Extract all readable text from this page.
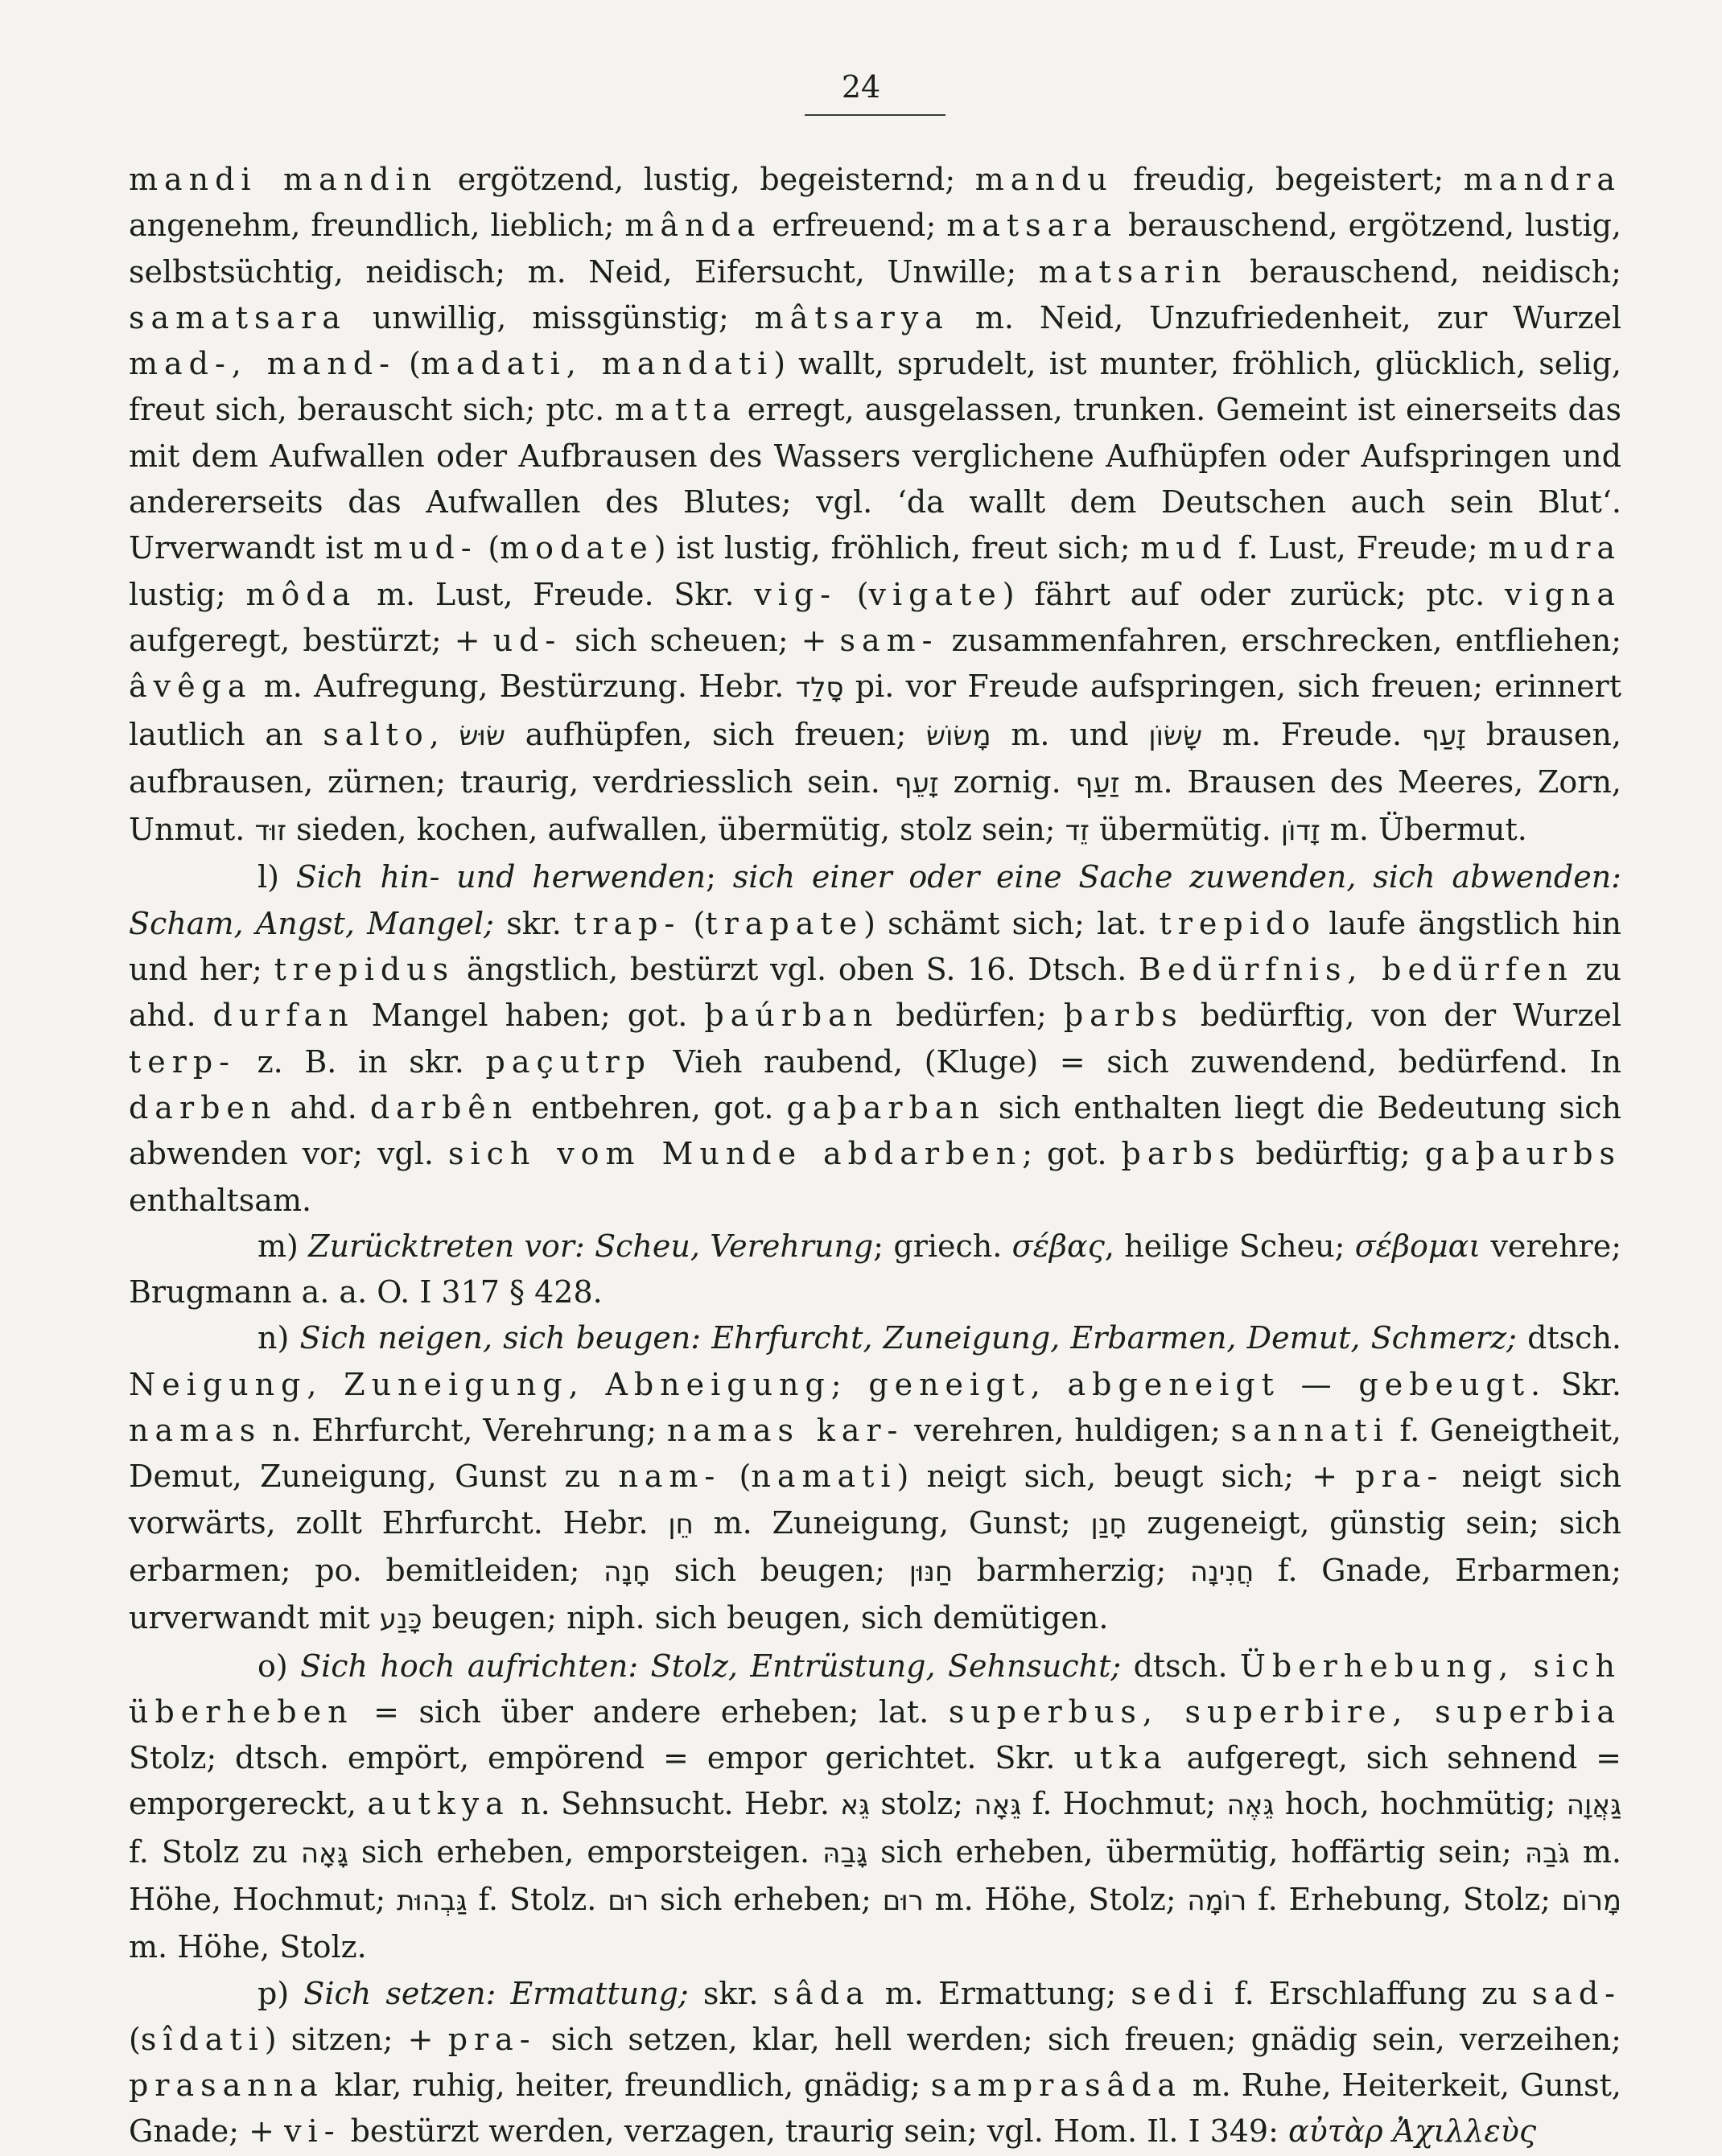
24

mandi mandin ergötzend, lustig, begeisternd; mandu freudig, begeistert; mandra angenehm, freundlich, lieblich; mânda erfreuend; matsara berauschend, ergötzend, lustig, selbstsüchtig, neidisch; m. Neid, Eifersucht, Unwille; matsarin berauschend, neidisch; samatsara unwillig, missgünstig; mâtsarya m. Neid, Unzufriedenheit, zur Wurzel mad-, mand- (madati, mandati) wallt, sprudelt, ist munter, fröhlich, glücklich, selig, freut sich, berauscht sich; ptc. matta erregt, ausgelassen, trunken. Gemeint ist einerseits das mit dem Aufwallen oder Aufbrausen des Wassers verglichene Aufhüpfen oder Aufspringen und andererseits das Aufwallen des Blutes; vgl. ‘da wallt dem Deutschen auch sein Blut‘. Urverwandt ist mud- (modate) ist lustig, fröhlich, freut sich; mud f. Lust, Freude; mudra lustig; môda m. Lust, Freude. Skr. vig- (vigate) fährt auf oder zurück; ptc. vigna aufgeregt, bestürzt; + ud- sich scheuen; + sam- zusammenfahren, erschrecken, entfliehen; âvêga m. Aufregung, Bestürzung. Hebr. סָלַד pi. vor Freude aufspringen, sich freuen; erinnert lautlich an salto, שׂוּשׂ aufhüpfen, sich freuen; מָשׂוֹשׂ m. und שָׂשׂוֹן m. Freude. זָעַף brausen, aufbrausen, zürnen; traurig, verdriesslich sein. זָעֵף zornig. זַעַף m. Brausen des Meeres, Zorn, Unmut. זוּד sieden, kochen, aufwallen, übermütig, stolz sein; זֵד übermütig. זָדוֹן m. Übermut.

l) Sich hin- und herwenden; sich einer oder eine Sache zuwenden, sich abwenden: Scham, Angst, Mangel; skr. trap- (trapate) schämt sich; lat. trepido laufe ängstlich hin und her; trepidus ängstlich, bestürzt vgl. oben S. 16. Dtsch. Bedürfnis, bedürfen zu ahd. durfan Mangel haben; got. þaúrban bedürfen; þarbs bedürftig, von der Wurzel terp- z. B. in skr. paçutrp Vieh raubend, (Kluge) = sich zuwendend, bedürfend. In darben ahd. darbên entbehren, got. gaþarban sich enthalten liegt die Bedeutung sich abwenden vor; vgl. sich vom Munde abdarben; got. þarbs bedürftig; gaþaurbs enthaltsam.

m) Zurücktreten vor: Scheu, Verehrung; griech. σέβας, heilige Scheu; σέβομαι verehre; Brugmann a. a. O. I 317 § 428.

n) Sich neigen, sich beugen: Ehrfurcht, Zuneigung, Erbarmen, Demut, Schmerz; dtsch. Neigung, Zuneigung, Abneigung; geneigt, abgeneigt — gebeugt. Skr. namas n. Ehrfurcht, Verehrung; namas kar- verehren, huldigen; sannati f. Geneigtheit, Demut, Zuneigung, Gunst zu nam- (namati) neigt sich, beugt sich; + pra- neigt sich vorwärts, zollt Ehrfurcht. Hebr. חֵן m. Zuneigung, Gunst; חָנַן zugeneigt, günstig sein; sich erbarmen; po. bemitleiden; חָנָה sich beugen; חַנּוּן barmherzig; חֲנִינָה f. Gnade, Erbarmen; urverwandt mit כָּנַע beugen; niph. sich beugen, sich demütigen.

o) Sich hoch aufrichten: Stolz, Entrüstung, Sehnsucht; dtsch. Überhebung, sich überheben = sich über andere erheben; lat. superbus, superbire, superbia Stolz; dtsch. empört, empörend = empor gerichtet. Skr. utka aufgeregt, sich sehnend = emporgereckt, autkya n. Sehnsucht. Hebr. גֵּא stolz; גֵּאָה f. Hochmut; גֵּאֶה hoch, hochmütig; גַּאֲוָה f. Stolz zu גָּאָה sich erheben, emporsteigen. גָּבַהּ sich erheben, übermütig, hoffärtig sein; גֹּבַהּ m. Höhe, Hochmut; גַּבְהוּת f. Stolz. רוּם sich erheben; רוּם m. Höhe, Stolz; רוֹמָה f. Erhebung, Stolz; מָרוֹם m. Höhe, Stolz.

p) Sich setzen: Ermattung; skr. sâda m. Ermattung; sedi f. Erschlaffung zu sad- (sîdati) sitzen; + pra- sich setzen, klar, hell werden; sich freuen; gnädig sein, verzeihen; prasanna klar, ruhig, heiter, freundlich, gnädig; samprasâda m. Ruhe, Heiterkeit, Gunst, Gnade; + vi- bestürzt werden, verzagen, traurig sein; vgl. Hom. Il. I 349: αὐτὰρ Ἀχιλλεὺς
